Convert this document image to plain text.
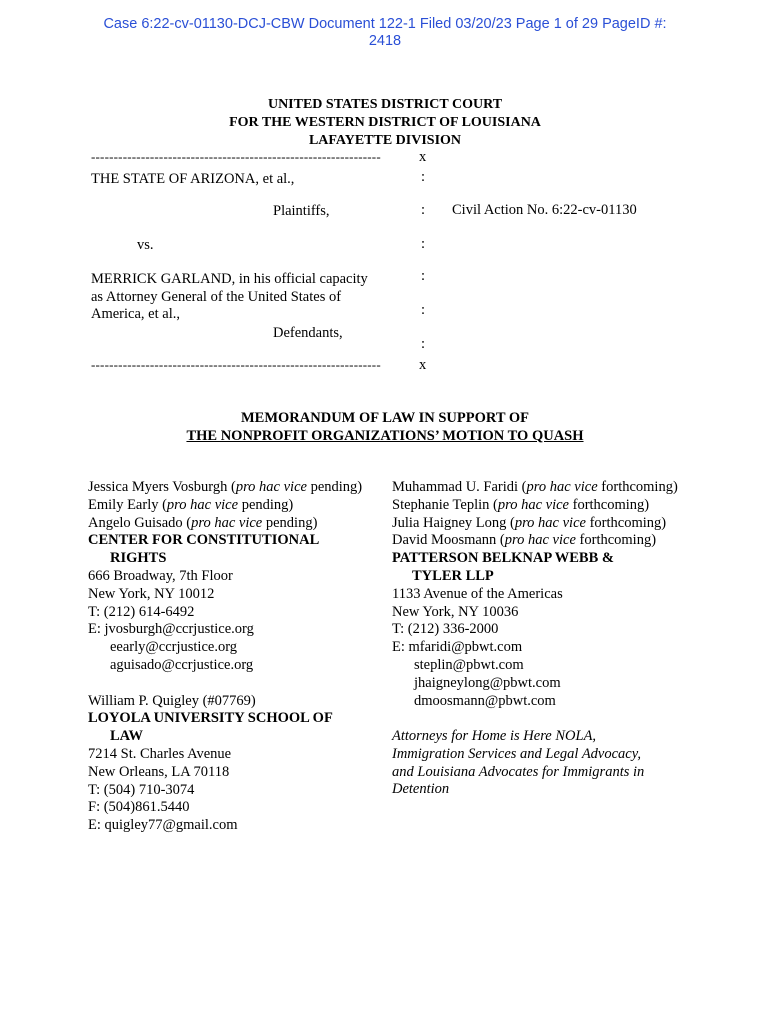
Case 6:22-cv-01130-DCJ-CBW Document 122-1 Filed 03/20/23 Page 1 of 29 PageID #:
2418
UNITED STATES DISTRICT COURT
FOR THE WESTERN DISTRICT OF LOUISIANA
LAFAYETTE DIVISION
----------------------------------------------------------------	x
THE STATE OF ARIZONA, et al.,	:
Plaintiffs,	: Civil Action No. 6:22-cv-01130
vs.	:
MERRICK GARLAND, in his official capacity	:
as Attorney General of the United States of
America, et al.,	:
Defendants,
:
----------------------------------------------------------------	x
MEMORANDUM OF LAW IN SUPPORT OF
THE NONPROFIT ORGANIZATIONS’ MOTION TO QUASH
Jessica Myers Vosburgh (pro hac vice pending)
Emily Early (pro hac vice pending)
Angelo Guisado (pro hac vice pending)
CENTER FOR CONSTITUTIONAL
RIGHTS
666 Broadway, 7th Floor
New York, NY 10012
T: (212) 614-6492
E: jvosburgh@ccrjustice.org
eearly@ccrjustice.org
aguisado@ccrjustice.org
William P. Quigley (#07769)
LOYOLA UNIVERSITY SCHOOL OF
LAW
7214 St. Charles Avenue
New Orleans, LA 70118
T: (504) 710-3074
F: (504)861.5440
E: quigley77@gmail.com
Muhammad U. Faridi (pro hac vice forthcoming)
Stephanie Teplin (pro hac vice forthcoming)
Julia Haigney Long (pro hac vice forthcoming)
David Moosmann (pro hac vice forthcoming)
PATTERSON BELKNAP WEBB &
TYLER LLP
1133 Avenue of the Americas
New York, NY 10036
T: (212) 336-2000
E: mfaridi@pbwt.com
steplin@pbwt.com
jhaigneylong@pbwt.com
dmoosmann@pbwt.com
Attorneys for Home is Here NOLA,
Immigration Services and Legal Advocacy,
and Louisiana Advocates for Immigrants in
Detention
